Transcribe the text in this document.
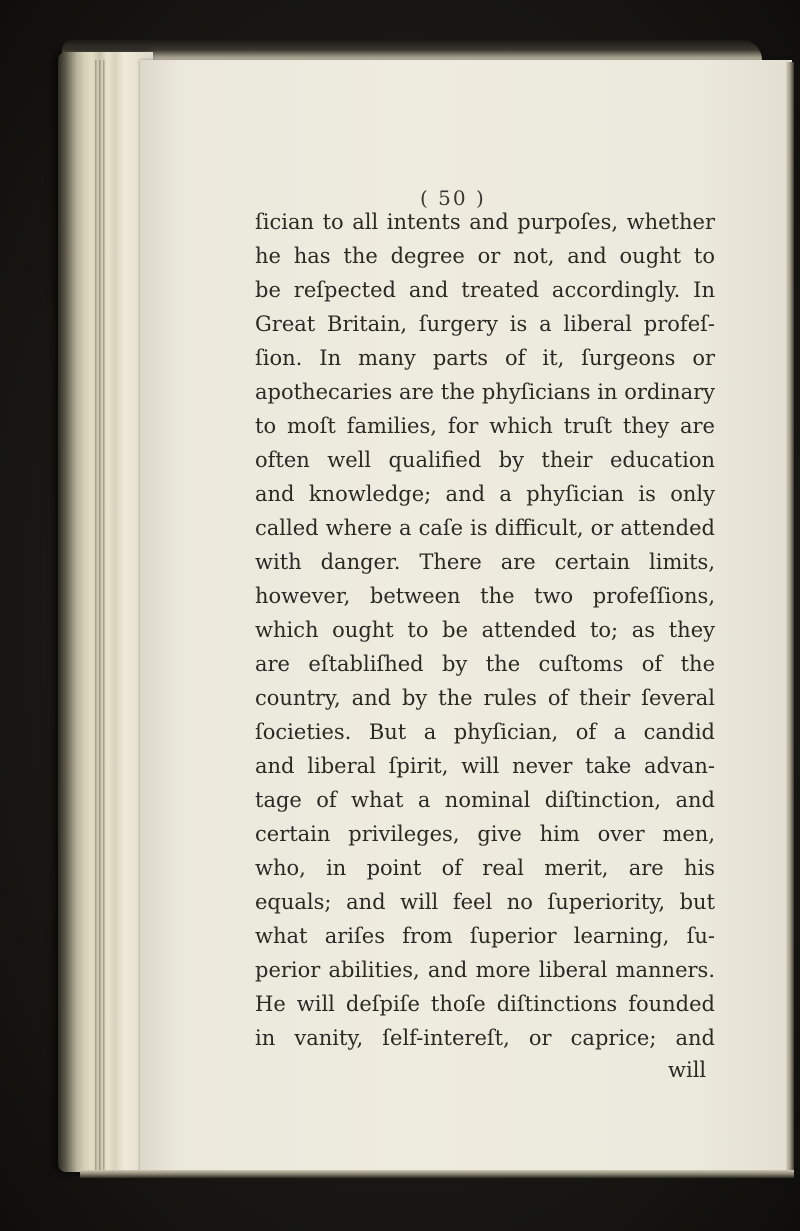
( 50 )
ſician to all intents and purpoſes, whether
he has the degree or not, and ought to
be reſpected and treated accordingly. In
Great Britain, ſurgery is a liberal profeſ-
ſion. In many parts of it, ſurgeons or
apothecaries are the phyſicians in ordinary
to moſt families, for which truſt they are
often well qualified by their education
and knowledge; and a phyſician is only
called where a caſe is difficult, or attended
with danger. There are certain limits,
however, between the two profeſſions,
which ought to be attended to; as they
are eſtabliſhed by the cuſtoms of the
country, and by the rules of their ſeveral
ſocieties. But a phyſician, of a candid
and liberal ſpirit, will never take advan-
tage of what a nominal diſtinction, and
certain privileges, give him over men,
who, in point of real merit, are his
equals; and will feel no ſuperiority, but
what ariſes from ſuperior learning, ſu-
perior abilities, and more liberal manners.
He will deſpiſe thoſe diſtinctions founded
in vanity, ſelf-intereſt, or caprice; and
will
